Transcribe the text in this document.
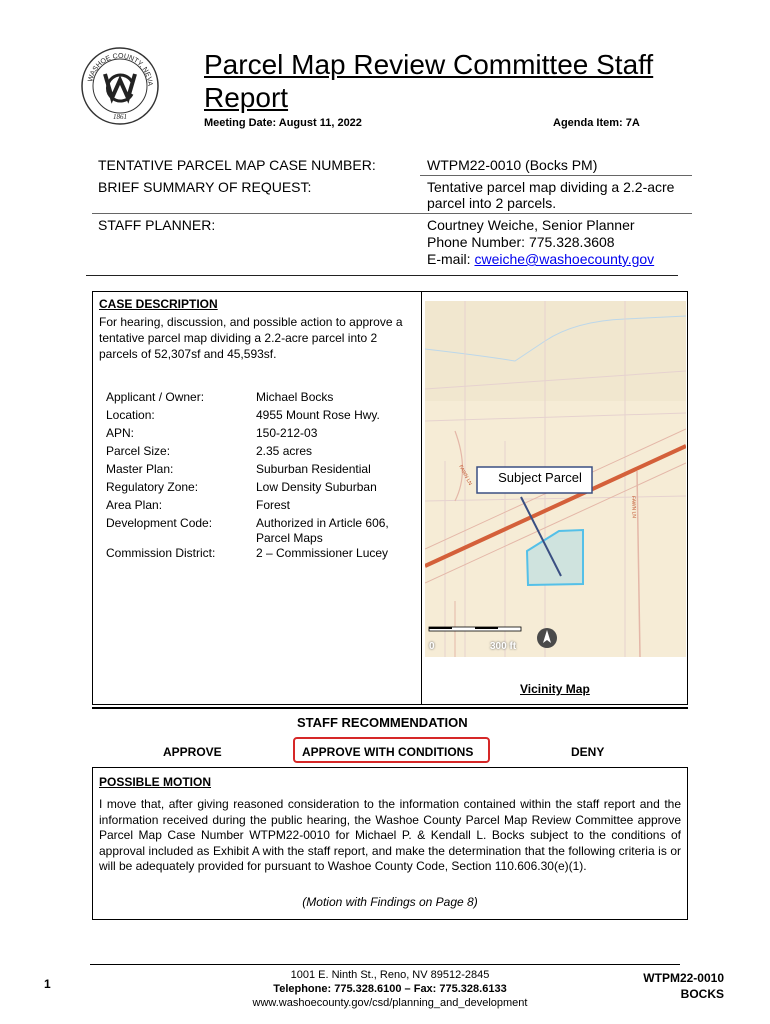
WASHOE COUNTY, NEVA
1861
Parcel Map Review Committee Staff Report
Meeting Date: August 11, 2022	Agenda Item: 7A
TENTATIVE PARCEL MAP CASE NUMBER:	WTPM22-0010 (Bocks PM)
BRIEF SUMMARY OF REQUEST:	Tentative parcel map dividing a 2.2-acre parcel into 2 parcels.
STAFF PLANNER:	Courtney Weiche, Senior Planner
Phone Number: 775.328.3608
E-mail: cweiche@washoecounty.gov
CASE DESCRIPTION
For hearing, discussion, and possible action to approve a tentative parcel map dividing a 2.2-acre parcel into 2 parcels of 52,307sf and 45,593sf.
Applicant / Owner:	Michael Bocks
Location:	4955 Mount Rose Hwy.
APN:	150-212-03
Parcel Size:	2.35 acres
Master Plan:	Suburban Residential
Regulatory Zone:	Low Density Suburban
Area Plan:	Forest
Development Code:	Authorized in Article 606, Parcel Maps
Commission District:	2 – Commissioner Lucey
FAWN LN
FAWN LN
Subject Parcel
0	300 ft
Vicinity Map
STAFF RECOMMENDATION
APPROVE	APPROVE WITH CONDITIONS	DENY
POSSIBLE MOTION
I move that, after giving reasoned consideration to the information contained within the staff report and the information received during the public hearing, the Washoe County Parcel Map Review Committee approve Parcel Map Case Number WTPM22-0010 for Michael P. & Kendall L. Bocks subject to the conditions of approval included as Exhibit A with the staff report, and make the determination that the following criteria is or will be adequately provided for pursuant to Washoe County Code, Section 110.606.30(e)(1).
(Motion with Findings on Page 8)
1
1001 E. Ninth St., Reno, NV 89512-2845
Telephone: 775.328.6100 – Fax: 775.328.6133
www.washoecounty.gov/csd/planning_and_development
WTPM22-0010
BOCKS
